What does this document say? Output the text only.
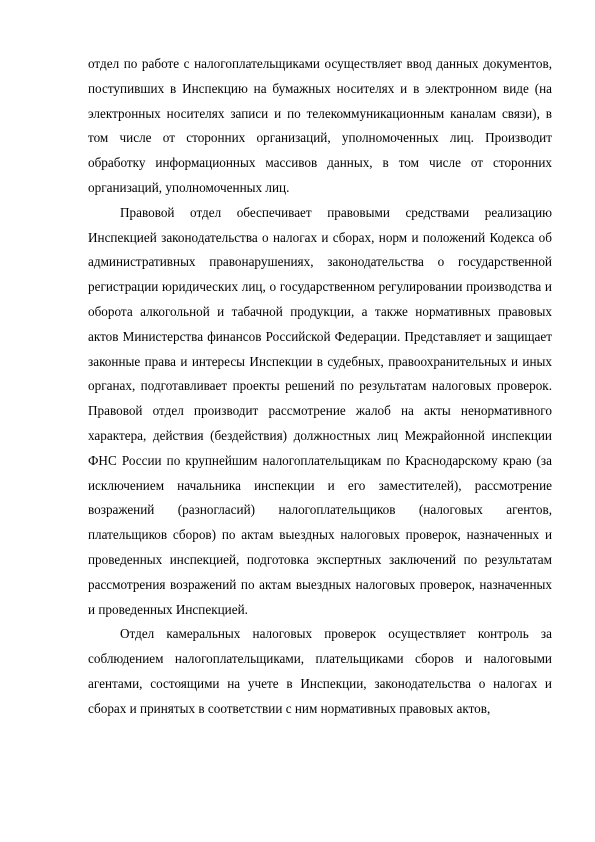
отдел по работе с налогоплательщиками осуществляет ввод данных документов, поступивших в Инспекцию на бумажных носителях и в электронном виде (на электронных носителях записи и по телекоммуникационным каналам связи), в том числе от сторонних организаций, уполномоченных лиц. Производит обработку информационных массивов данных, в том числе от сторонних организаций, уполномоченных лиц.

Правовой отдел обеспечивает правовыми средствами реализацию Инспекцией законодательства о налогах и сборах, норм и положений Кодекса об административных правонарушениях, законодательства о государственной регистрации юридических лиц, о государственном регулировании производства и оборота алкогольной и табачной продукции, а также нормативных правовых актов Министерства финансов Российской Федерации. Представляет и защищает законные права и интересы Инспекции в судебных, правоохранительных и иных органах, подготавливает проекты решений по результатам налоговых проверок. Правовой отдел производит рассмотрение жалоб на акты ненормативного характера, действия (бездействия) должностных лиц Межрайонной инспекции ФНС России по крупнейшим налогоплательщикам по Краснодарскому краю (за исключением начальника инспекции и его заместителей), рассмотрение возражений (разногласий) налогоплательщиков (налоговых агентов, плательщиков сборов) по актам выездных налоговых проверок, назначенных и проведенных инспекцией, подготовка экспертных заключений по результатам рассмотрения возражений по актам выездных налоговых проверок, назначенных и проведенных Инспекцией.

Отдел камеральных налоговых проверок осуществляет контроль за соблюдением налогоплательщиками, плательщиками сборов и налоговыми агентами, состоящими на учете в Инспекции, законодательства о налогах и сборах и принятых в соответствии с ним нормативных правовых актов,
